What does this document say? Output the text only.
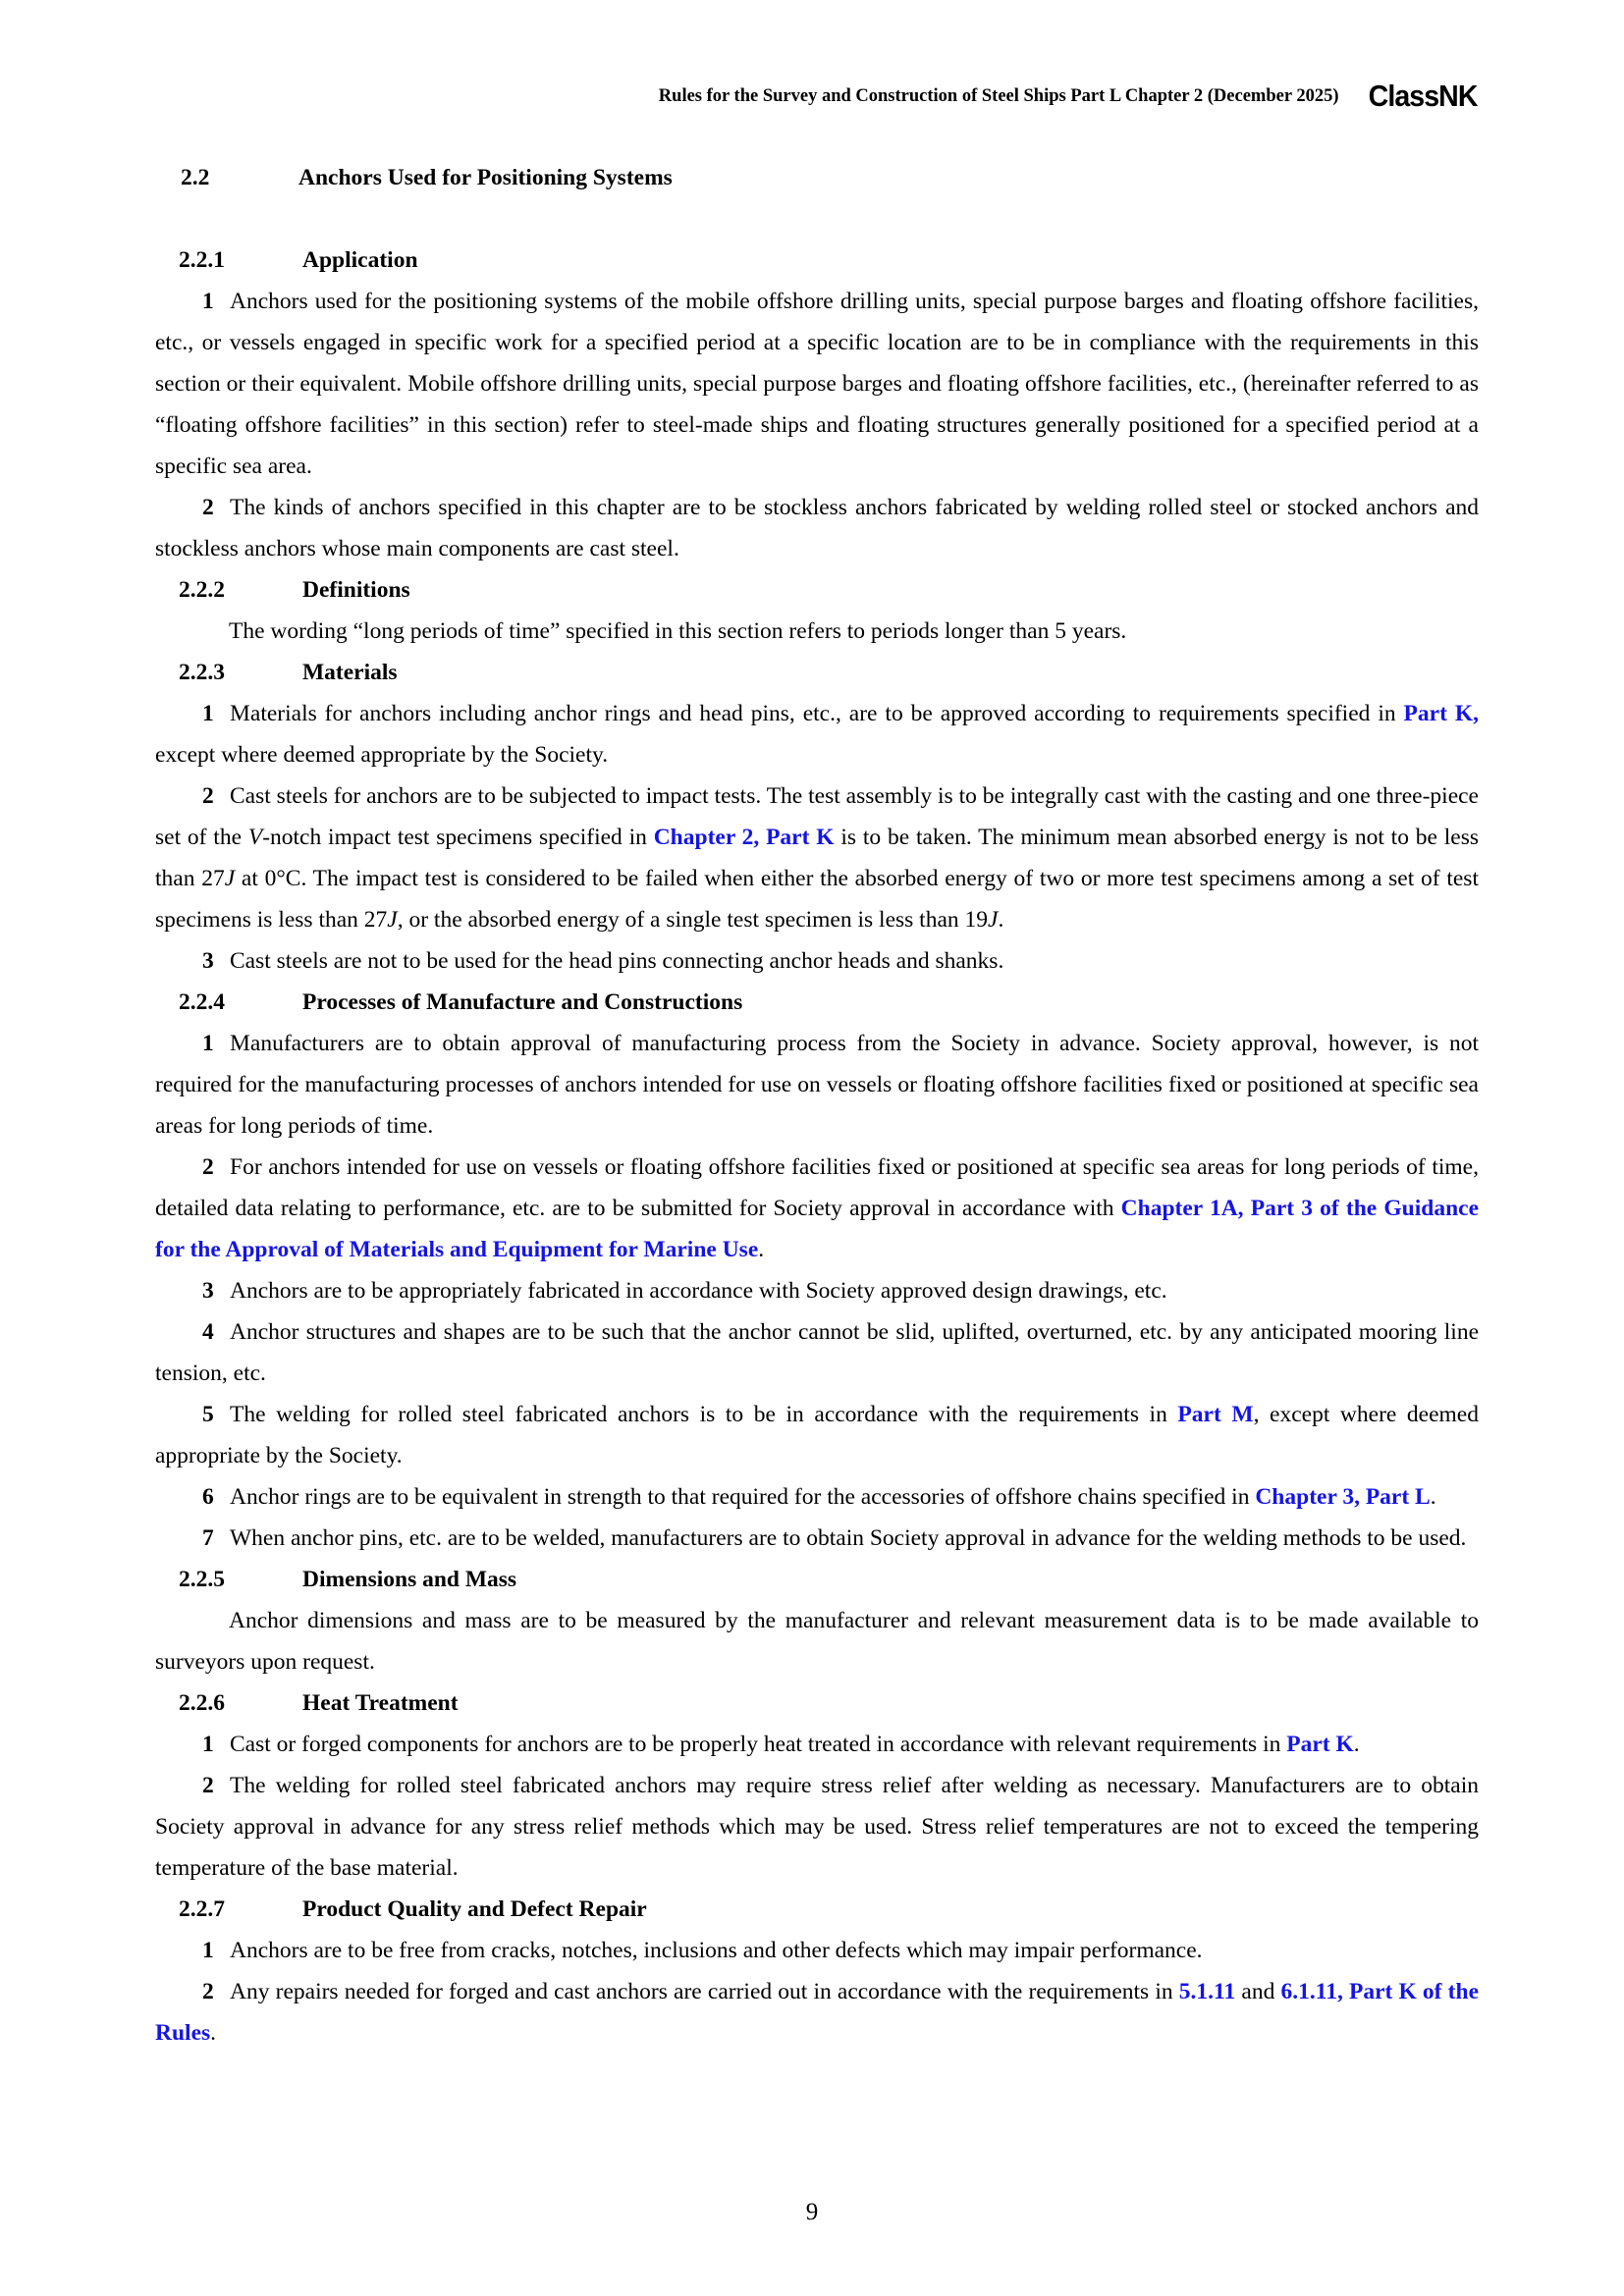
Rules for the Survey and Construction of Steel Ships Part L Chapter 2 (December 2025) ClassNK
2.2	Anchors Used for Positioning Systems
2.2.1	Application

1 Anchors used for the positioning systems of the mobile offshore drilling units, special purpose barges and floating offshore facilities, etc., or vessels engaged in specific work for a specified period at a specific location are to be in compliance with the requirements in this section or their equivalent. Mobile offshore drilling units, special purpose barges and floating offshore facilities, etc., (hereinafter referred to as “floating offshore facilities” in this section) refer to steel-made ships and floating structures generally positioned for a specified period at a specific sea area.

2 The kinds of anchors specified in this chapter are to be stockless anchors fabricated by welding rolled steel or stocked anchors and stockless anchors whose main components are cast steel.

2.2.2	Definitions

The wording “long periods of time” specified in this section refers to periods longer than 5 years.

2.2.3	Materials

1 Materials for anchors including anchor rings and head pins, etc., are to be approved according to requirements specified in Part K, except where deemed appropriate by the Society.

2 Cast steels for anchors are to be subjected to impact tests. The test assembly is to be integrally cast with the casting and one three-piece set of the V-notch impact test specimens specified in Chapter 2, Part K is to be taken. The minimum mean absorbed energy is not to be less than 27J at 0°C. The impact test is considered to be failed when either the absorbed energy of two or more test specimens among a set of test specimens is less than 27J, or the absorbed energy of a single test specimen is less than 19J.

3 Cast steels are not to be used for the head pins connecting anchor heads and shanks.

2.2.4	Processes of Manufacture and Constructions

1 Manufacturers are to obtain approval of manufacturing process from the Society in advance. Society approval, however, is not required for the manufacturing processes of anchors intended for use on vessels or floating offshore facilities fixed or positioned at specific sea areas for long periods of time.

2 For anchors intended for use on vessels or floating offshore facilities fixed or positioned at specific sea areas for long periods of time, detailed data relating to performance, etc. are to be submitted for Society approval in accordance with Chapter 1A, Part 3 of the Guidance for the Approval of Materials and Equipment for Marine Use.

3 Anchors are to be appropriately fabricated in accordance with Society approved design drawings, etc.

4 Anchor structures and shapes are to be such that the anchor cannot be slid, uplifted, overturned, etc. by any anticipated mooring line tension, etc.

5 The welding for rolled steel fabricated anchors is to be in accordance with the requirements in Part M, except where deemed appropriate by the Society.

6 Anchor rings are to be equivalent in strength to that required for the accessories of offshore chains specified in Chapter 3, Part L.

7 When anchor pins, etc. are to be welded, manufacturers are to obtain Society approval in advance for the welding methods to be used.

2.2.5	Dimensions and Mass

Anchor dimensions and mass are to be measured by the manufacturer and relevant measurement data is to be made available to surveyors upon request.

2.2.6	Heat Treatment

1 Cast or forged components for anchors are to be properly heat treated in accordance with relevant requirements in Part K.

2 The welding for rolled steel fabricated anchors may require stress relief after welding as necessary. Manufacturers are to obtain Society approval in advance for any stress relief methods which may be used. Stress relief temperatures are not to exceed the tempering temperature of the base material.

2.2.7	Product Quality and Defect Repair

1 Anchors are to be free from cracks, notches, inclusions and other defects which may impair performance.

2 Any repairs needed for forged and cast anchors are carried out in accordance with the requirements in 5.1.11 and 6.1.11, Part K of the Rules.

9
